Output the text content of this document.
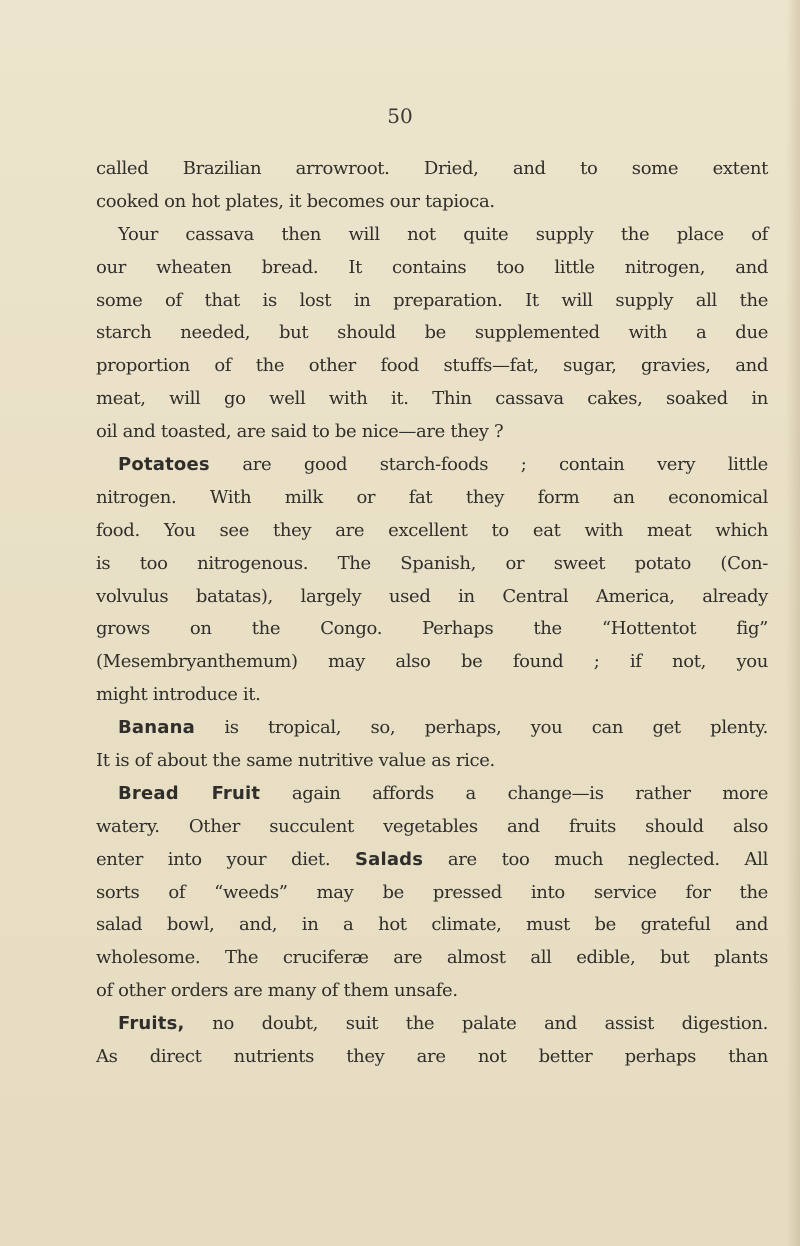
50
called Brazilian arrowroot. Dried, and to some extent
cooked on hot plates, it becomes our tapioca.
Your cassava then will not quite supply the place of
our wheaten bread. It contains too little nitrogen, and
some of that is lost in preparation. It will supply all the
starch needed, but should be supplemented with a due
proportion of the other food stuffs—fat, sugar, gravies, and
meat, will go well with it. Thin cassava cakes, soaked in
oil and toasted, are said to be nice—are they ?
Potatoes are good starch-foods ; contain very little
nitrogen. With milk or fat they form an economical
food. You see they are excellent to eat with meat which
is too nitrogenous. The Spanish, or sweet potato (Con-
volvulus batatas), largely used in Central America, already
grows on the Congo. Perhaps the “Hottentot fig”
(Mesembryanthemum) may also be found ; if not, you
might introduce it.
Banana is tropical, so, perhaps, you can get plenty.
It is of about the same nutritive value as rice.
Bread Fruit again affords a change—is rather more
watery. Other succulent vegetables and fruits should also
enter into your diet. Salads are too much neglected. All
sorts of “weeds” may be pressed into service for the
salad bowl, and, in a hot climate, must be grateful and
wholesome. The cruciferæ are almost all edible, but plants
of other orders are many of them unsafe.
Fruits, no doubt, suit the palate and assist digestion.
As direct nutrients they are not better perhaps than
